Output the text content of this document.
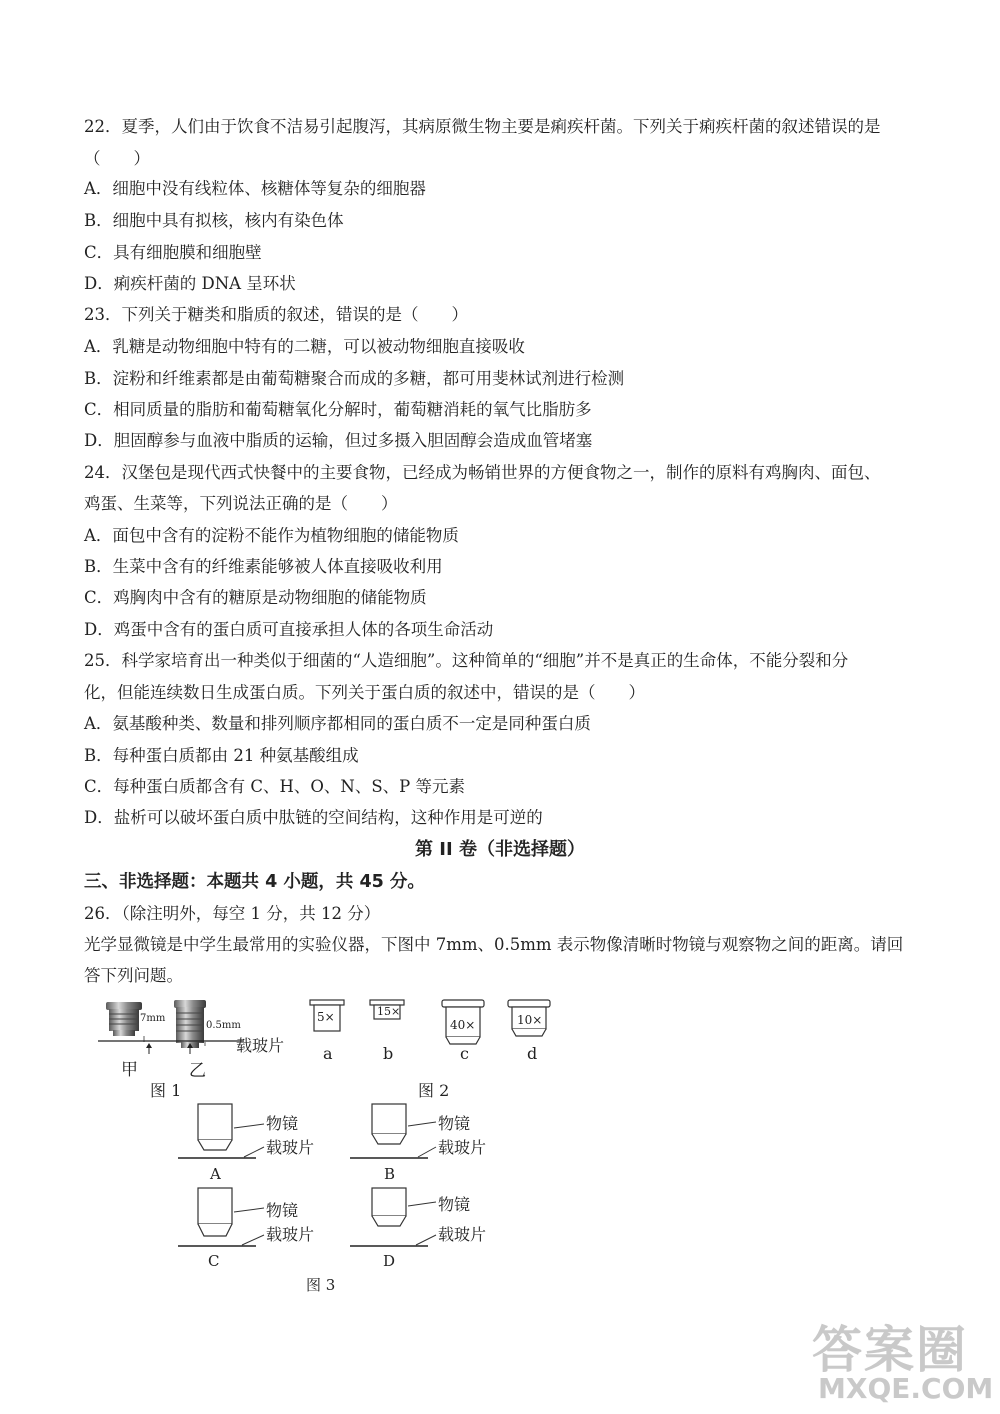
22．夏季，人们由于饮食不洁易引起腹泻，其病原微生物主要是痢疾杆菌。下列关于痢疾杆菌的叙述错误的是
（　　）
A．细胞中没有线粒体、核糖体等复杂的细胞器
B．细胞中具有拟核，核内有染色体
C．具有细胞膜和细胞壁
D．痢疾杆菌的 DNA 呈环状
23．下列关于糖类和脂质的叙述，错误的是（　　）
A．乳糖是动物细胞中特有的二糖，可以被动物细胞直接吸收
B．淀粉和纤维素都是由葡萄糖聚合而成的多糖，都可用斐林试剂进行检测
C．相同质量的脂肪和葡萄糖氧化分解时，葡萄糖消耗的氧气比脂肪多
D．胆固醇参与血液中脂质的运输，但过多摄入胆固醇会造成血管堵塞
24．汉堡包是现代西式快餐中的主要食物，已经成为畅销世界的方便食物之一，制作的原料有鸡胸肉、面包、
鸡蛋、生菜等，下列说法正确的是（　　）
A．面包中含有的淀粉不能作为植物细胞的储能物质
B．生菜中含有的纤维素能够被人体直接吸收利用
C．鸡胸肉中含有的糖原是动物细胞的储能物质
D．鸡蛋中含有的蛋白质可直接承担人体的各项生命活动
25．科学家培育出一种类似于细菌的“人造细胞”。这种简单的“细胞”并不是真正的生命体，不能分裂和分
化，但能连续数日生成蛋白质。下列关于蛋白质的叙述中，错误的是（　　）
A．氨基酸种类、数量和排列顺序都相同的蛋白质不一定是同种蛋白质
B．每种蛋白质都由 21 种氨基酸组成
C．每种蛋白质都含有 C、H、O、N、S、P 等元素
D．盐析可以破坏蛋白质中肽链的空间结构，这种作用是可逆的
第 II 卷（非选择题）
三、非选择题：本题共 4 小题，共 45 分。
26．（除注明外，每空 1 分，共 12 分）
光学显微镜是中学生最常用的实验仪器，下图中 7mm、0.5mm 表示物像清晰时物镜与观察物之间的距离。请回
答下列问题。
7mm
0.5mm
载玻片
甲	乙
图 1
5×	15×
40×	10×
a	b	c	d
图 2
物镜
载玻片
A
物镜
载玻片
B
物镜
载玻片
C
物镜
载玻片
D
图 3
答案圈
MXQE.COM
